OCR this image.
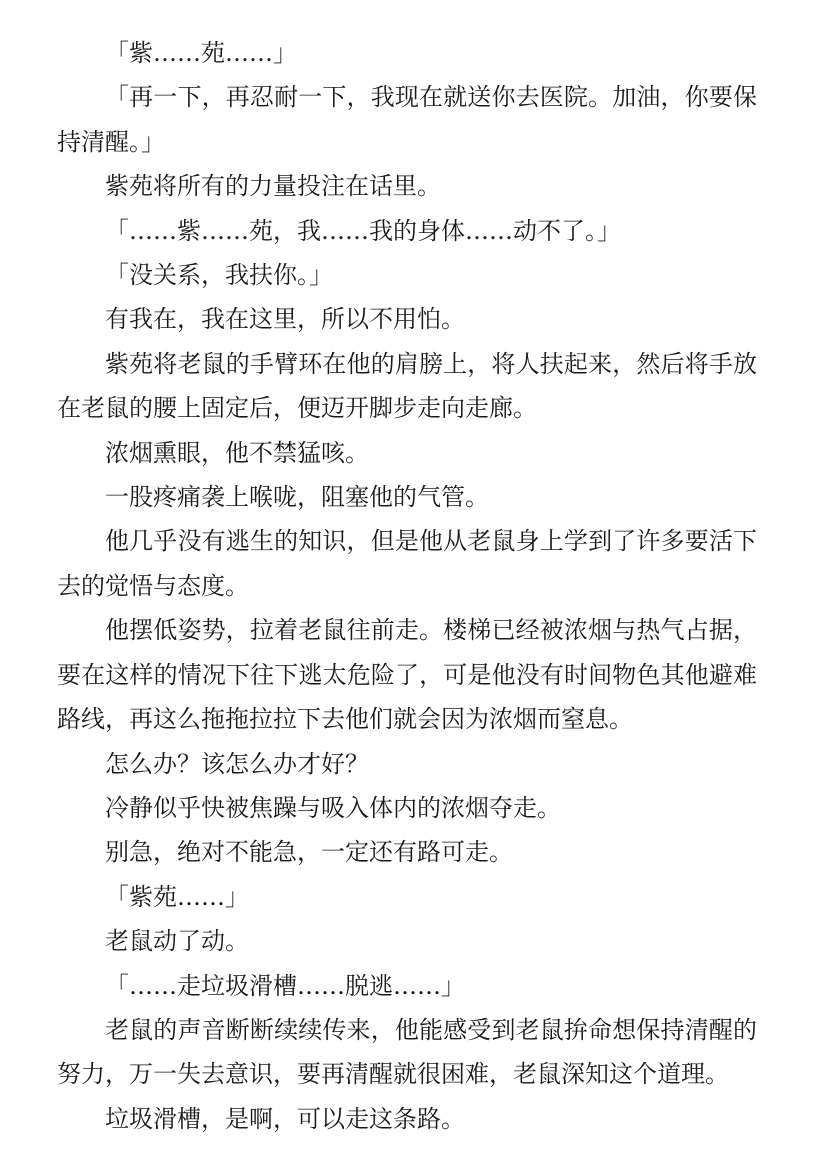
「紫……苑……」

「再一下，再忍耐一下，我现在就送你去医院。加油，你要保持清醒。」

紫苑将所有的力量投注在话里。

「……紫……苑，我……我的身体……动不了。」

「没关系，我扶你。」

有我在，我在这里，所以不用怕。

紫苑将老鼠的手臂环在他的肩膀上，将人扶起来，然后将手放在老鼠的腰上固定后，便迈开脚步走向走廊。

浓烟熏眼，他不禁猛咳。

一股疼痛袭上喉咙，阻塞他的气管。

他几乎没有逃生的知识，但是他从老鼠身上学到了许多要活下去的觉悟与态度。

他摆低姿势，拉着老鼠往前走。楼梯已经被浓烟与热气占据，要在这样的情况下往下逃太危险了，可是他没有时间物色其他避难路线，再这么拖拖拉拉下去他们就会因为浓烟而窒息。

怎么办？该怎么办才好？

冷静似乎快被焦躁与吸入体内的浓烟夺走。

别急，绝对不能急，一定还有路可走。

「紫苑……」

老鼠动了动。

「……走垃圾滑槽……脱逃……」

老鼠的声音断断续续传来，他能感受到老鼠拚命想保持清醒的努力，万一失去意识，要再清醒就很困难，老鼠深知这个道理。

垃圾滑槽，是啊，可以走这条路。
